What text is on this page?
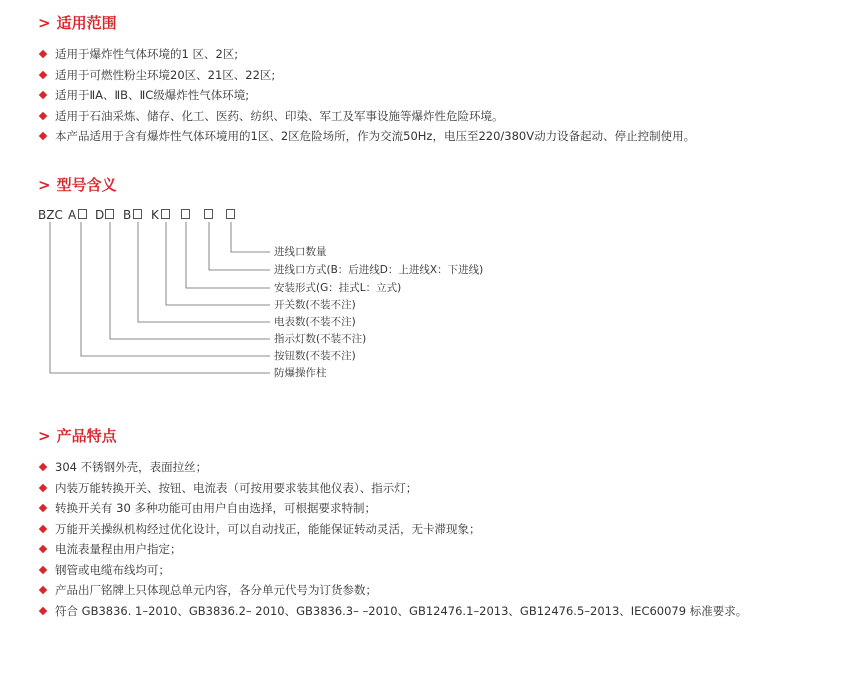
> 适用范围
适用于爆炸性气体环境的1 区、2区;
适用于可燃性粉尘环境20区、21区、22区;
适用于ⅡA、ⅡB、ⅡC级爆炸性气体环境;
适用于石油采炼、储存、化工、医药、纺织、印染、军工及军事设施等爆炸性危险环境。
本产品适用于含有爆炸性气体环境用的1区、2区危险场所，作为交流50Hz，电压至220/380V动力设备起动、停止控制使用。
> 型号含义
BZC A D B K
进线口数量
进线口方式(B：后进线D：上进线X：下进线)
安装形式(G：挂式L：立式)
开关数(不装不注)
电表数(不装不注)
指示灯数(不装不注)
按钮数(不装不注)
防爆操作柱
> 产品特点
304 不锈钢外壳，表面拉丝；
内装万能转换开关、按钮、电流表（可按用要求装其他仪表）、指示灯；
转换开关有 30 多种功能可由用户自由选择，可根据要求特制；
万能开关操纵机构经过优化设计，可以自动找正，能能保证转动灵活，无卡滞现象；
电流表量程由用户指定；
钢管或电缆布线均可；
产品出厂铭牌上只体现总单元内容，各分单元代号为订货参数；
符合 GB3836. 1–2010、GB3836.2– 2010、GB3836.3– –2010、GB12476.1–2013、GB12476.5–2013、IEC60079 标准要求。
